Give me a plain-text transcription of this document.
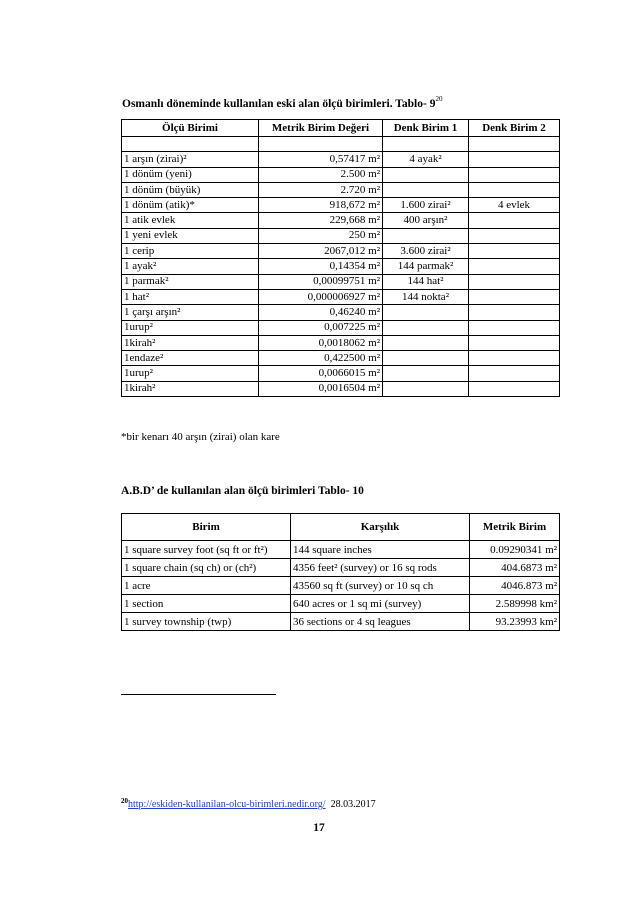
Osmanlı döneminde kullanılan eski alan ölçü birimleri. Tablo- $9^{20}$
Ölçü Birimi	Metrik Birim Değeri	Denk Birim 1	Denk Birim 2

1 arşın (zirai)²	0,57417 m²	4 ayak²	
1 dönüm (yeni)	2.500 m²		
1 dönüm (büyük)	2.720 m²		
1 dönüm (atik)*	918,672 m²	1.600 zirai²	4 evlek
1 atik evlek	229,668 m²	400 arşın²	
1 yeni evlek	250 m²		
1 cerip	2067,012 m²	3.600 zirai²	
1 ayak²	0,14354 m²	144 parmak²	
1 parmak²	0,00099751 m²	144 hat²	
1 hat²	0,000006927 m²	144 nokta²	
1 çarşı arşın²	0,46240 m²		
1urup²	0,007225 m²		
1kirah²	0,0018062 m²		
1endaze²	0,422500 m²		
1urup²	0,0066015 m²		
1kirah²	0,0016504 m²		
*bir kenarı 40 arşın (zirai) olan kare
A.B.D’ de kullanılan alan ölçü birimleri Tablo- 10
Birim	Karşılık	Metrik Birim
1 square survey foot (sq ft or ft²)	144 square inches	0.09290341 m²
1 square chain (sq ch) or (ch²)	4356 feet² (survey) or 16 sq rods	404.6873 m²
1 acre	43560 sq ft (survey) or 10 sq ch	4046.873 m²
1 section	640 acres or 1 sq mi (survey)	2.589998 km²
1 survey township (twp)	36 sections or 4 sq leagues	93.23993 km²
$^{20}$http://eskiden-kullanilan-olcu-birimleri.nedir.org/ 28.03.2017
17
